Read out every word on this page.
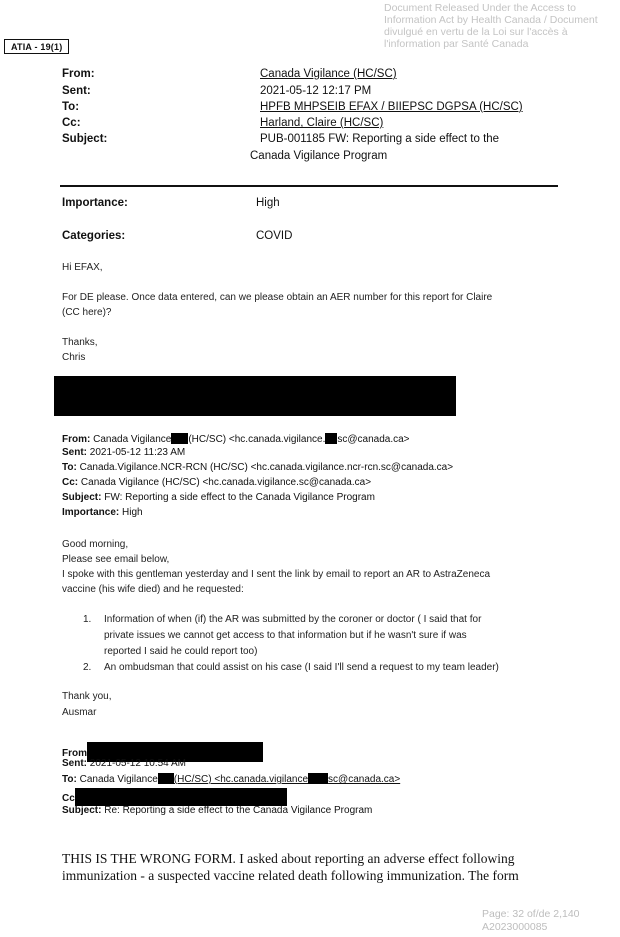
Document Released Under the Access to
Information Act by Health Canada / Document
divulgué en vertu de la Loi sur l'accès à
l'information par Santé Canada
ATIA - 19(1)
From:	Canada Vigilance (HC/SC)
Sent:	2021-05-12 12:17 PM
To:	HPFB MHPSEIB EFAX / BIIEPSC DGPSA (HC/SC)
Cc:	Harland, Claire (HC/SC)
Subject:	PUB-001185 FW: Reporting a side effect to the
Canada Vigilance Program
Importance:	High
Categories:	COVID
Hi EFAX,
For DE please. Once data entered, can we please obtain an AER number for this report for Claire
(CC here)?
Thanks,
Chris
From: Canada Vigilance (HC/SC) <hc.canada.vigilance. sc@canada.ca>
Sent: 2021-05-12 11:23 AM
To: Canada.Vigilance.NCR-RCN (HC/SC) <hc.canada.vigilance.ncr-rcn.sc@canada.ca>
Cc: Canada Vigilance (HC/SC) <hc.canada.vigilance.sc@canada.ca>
Subject: FW: Reporting a side effect to the Canada Vigilance Program
Importance: High
Good morning,
Please see email below,
I spoke with this gentleman yesterday and I sent the link by email to report an AR to AstraZeneca
vaccine (his wife died) and he requested:
1. Information of when (if) the AR was submitted by the coroner or doctor ( I said that for
private issues we cannot get access to that information but if he wasn't sure if was
reported I said he could report too)
2. An ombudsman that could assist on his case (I said I'll send a request to my team leader)
Thank you,
Ausmar
From
Sent: 2021-05-12 10:54 AM
To: Canada Vigilance (HC/SC) <hc.canada.vigilance sc@canada.ca>
Cc
Subject: Re: Reporting a side effect to the Canada Vigilance Program
THIS IS THE WRONG FORM. I asked about reporting an adverse effect following
immunization - a suspected vaccine related death following immunization. The form
Page: 32 of/de 2,140
A2023000085
